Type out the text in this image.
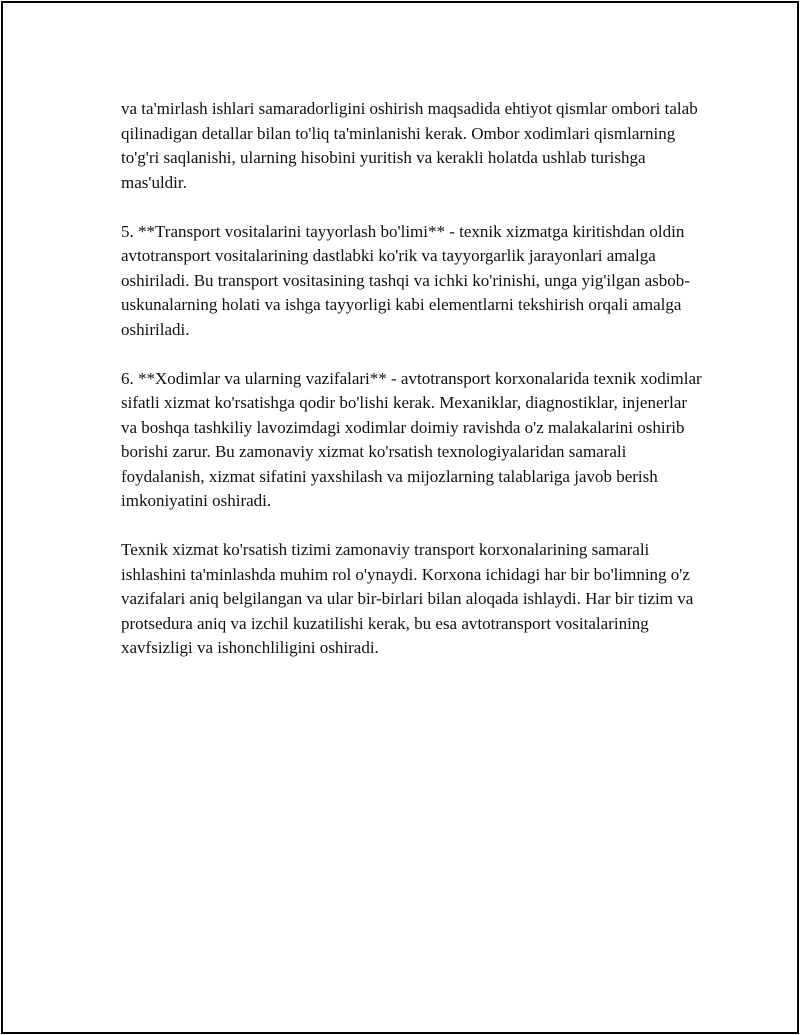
va ta'mirlash ishlari samaradorligini oshirish maqsadida ehtiyot qismlar ombori talab qilinadigan detallar bilan to'liq ta'minlanishi kerak. Ombor xodimlari qismlarning to'g'ri saqlanishi, ularning hisobini yuritish va kerakli holatda ushlab turishga mas'uldir.

5. **Transport vositalarini tayyorlash bo'limi** - texnik xizmatga kiritishdan oldin avtotransport vositalarining dastlabki ko'rik va tayyorgarlik jarayonlari amalga oshiriladi. Bu transport vositasining tashqi va ichki ko'rinishi, unga yig'ilgan asbob-uskunalarning holati va ishga tayyorligi kabi elementlarni tekshirish orqali amalga oshiriladi.

6. **Xodimlar va ularning vazifalari** - avtotransport korxonalarida texnik xodimlar sifatli xizmat ko'rsatishga qodir bo'lishi kerak. Mexaniklar, diagnostiklar, injenerlar va boshqa tashkiliy lavozimdagi xodimlar doimiy ravishda o'z malakalarini oshirib borishi zarur. Bu zamonaviy xizmat ko'rsatish texnologiyalaridan samarali foydalanish, xizmat sifatini yaxshilash va mijozlarning talablariga javob berish imkoniyatini oshiradi.

Texnik xizmat ko'rsatish tizimi zamonaviy transport korxonalarining samarali ishlashini ta'minlashda muhim rol o'ynaydi. Korxona ichidagi har bir bo'limning o'z vazifalari aniq belgilangan va ular bir-birlari bilan aloqada ishlaydi. Har bir tizim va protsedura aniq va izchil kuzatilishi kerak, bu esa avtotransport vositalarining xavfsizligi va ishonchliligini oshiradi.
